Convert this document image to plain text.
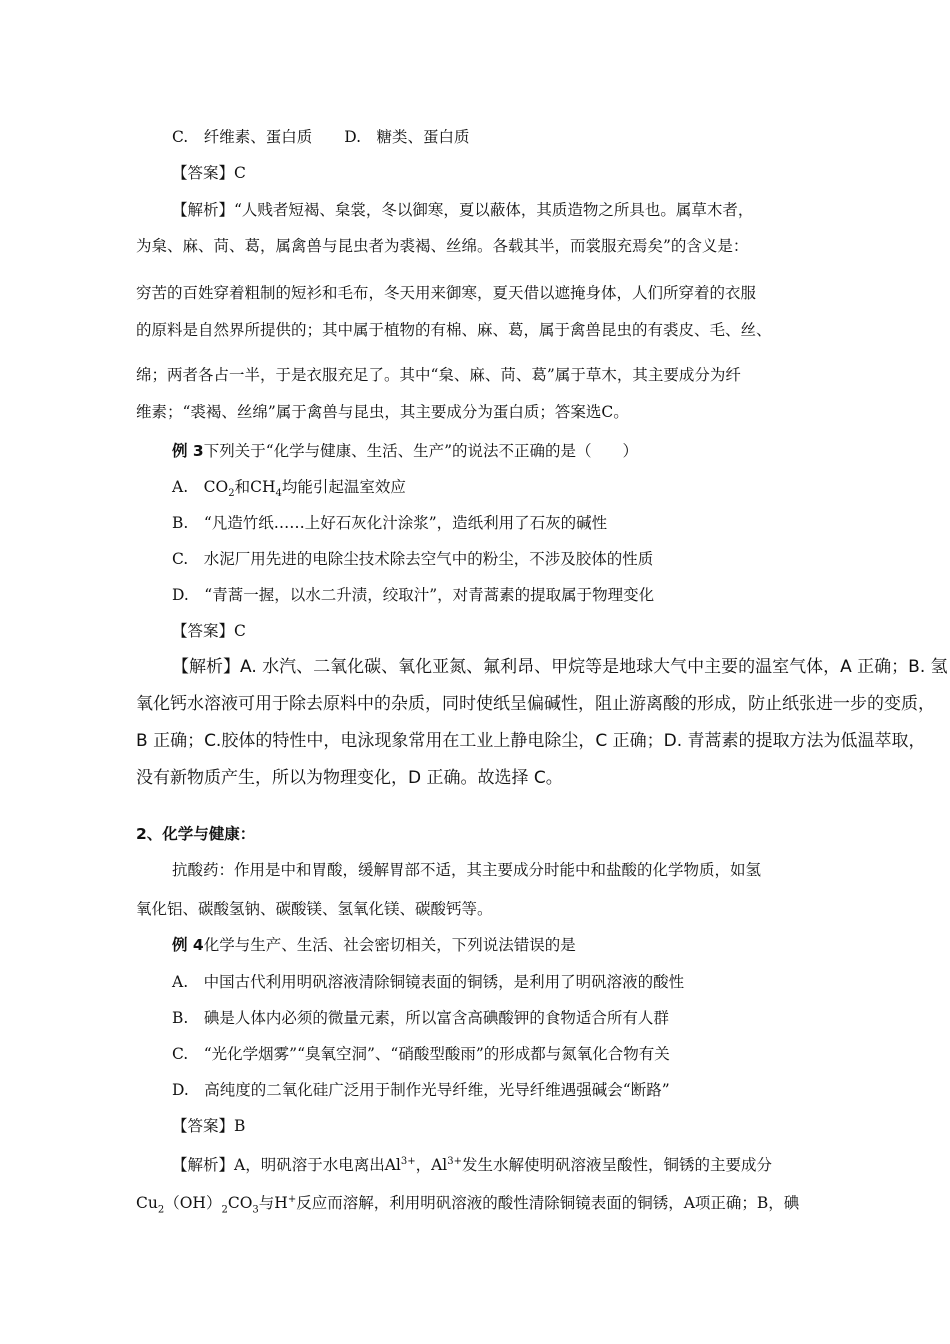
C.　纤维素、蛋白质 D.　糖类、蛋白质
【答案】C
【解析】“人贱者短褐、枲裳，冬以御寒，夏以蔽体，其质造物之所具也。属草木者，
为枲、麻、苘、葛，属禽兽与昆虫者为裘褐、丝绵。各载其半，而裳服充焉矣”的含义是：
穷苦的百姓穿着粗制的短衫和毛布，冬天用来御寒，夏天借以遮掩身体，人们所穿着的衣服
的原料是自然界所提供的；其中属于植物的有棉、麻、葛，属于禽兽昆虫的有裘皮、毛、丝、
绵；两者各占一半，于是衣服充足了。其中“枲、麻、苘、葛”属于草木，其主要成分为纤
维素；“裘褐、丝绵”属于禽兽与昆虫，其主要成分为蛋白质；答案选C。
例 3下列关于“化学与健康、生活、生产”的说法不正确的是（　　）
A.　$CO_2$和$CH_4$均能引起温室效应
B.　“凡造竹纸……上好石灰化汁涂浆”，造纸利用了石灰的碱性
C.　水泥厂用先进的电除尘技术除去空气中的粉尘，不涉及胶体的性质
D.　“青蒿一握，以水二升渍，绞取汁”，对青蒿素的提取属于物理变化
【答案】C
【解析】A. 水汽、二氧化碳、氧化亚氮、氟利昂、甲烷等是地球大气中主要的温室气体，A 正确；B. 氢
氧化钙水溶液可用于除去原料中的杂质，同时使纸呈偏碱性，阻止游离酸的形成，防止纸张进一步的变质，
B 正确；C.胶体的特性中，电泳现象常用在工业上静电除尘，C 正确；D. 青蒿素的提取方法为低温萃取，
没有新物质产生，所以为物理变化，D 正确。故选择 C。
2、化学与健康：
抗酸药：作用是中和胃酸，缓解胃部不适，其主要成分时能中和盐酸的化学物质，如氢
氧化铝、碳酸氢钠、碳酸镁、氢氧化镁、碳酸钙等。
例 4化学与生产、生活、社会密切相关，下列说法错误的是
A.　中国古代利用明矾溶液清除铜镜表面的铜锈，是利用了明矾溶液的酸性
B.　碘是人体内必须的微量元素，所以富含高碘酸钾的食物适合所有人群
C.　“光化学烟雾”“臭氧空洞”、“硝酸型酸雨”的形成都与氮氧化合物有关
D.　高纯度的二氧化硅广泛用于制作光导纤维，光导纤维遇强碱会“断路”
【答案】B
【解析】A，明矾溶于水电离出$Al^{3+}$，$Al^{3+}$发生水解使明矾溶液呈酸性，铜锈的主要成分
$Cu_2(OH)_2CO_3$与H+反应而溶解，利用明矾溶液的酸性清除铜镜表面的铜锈，A项正确；B，碘
